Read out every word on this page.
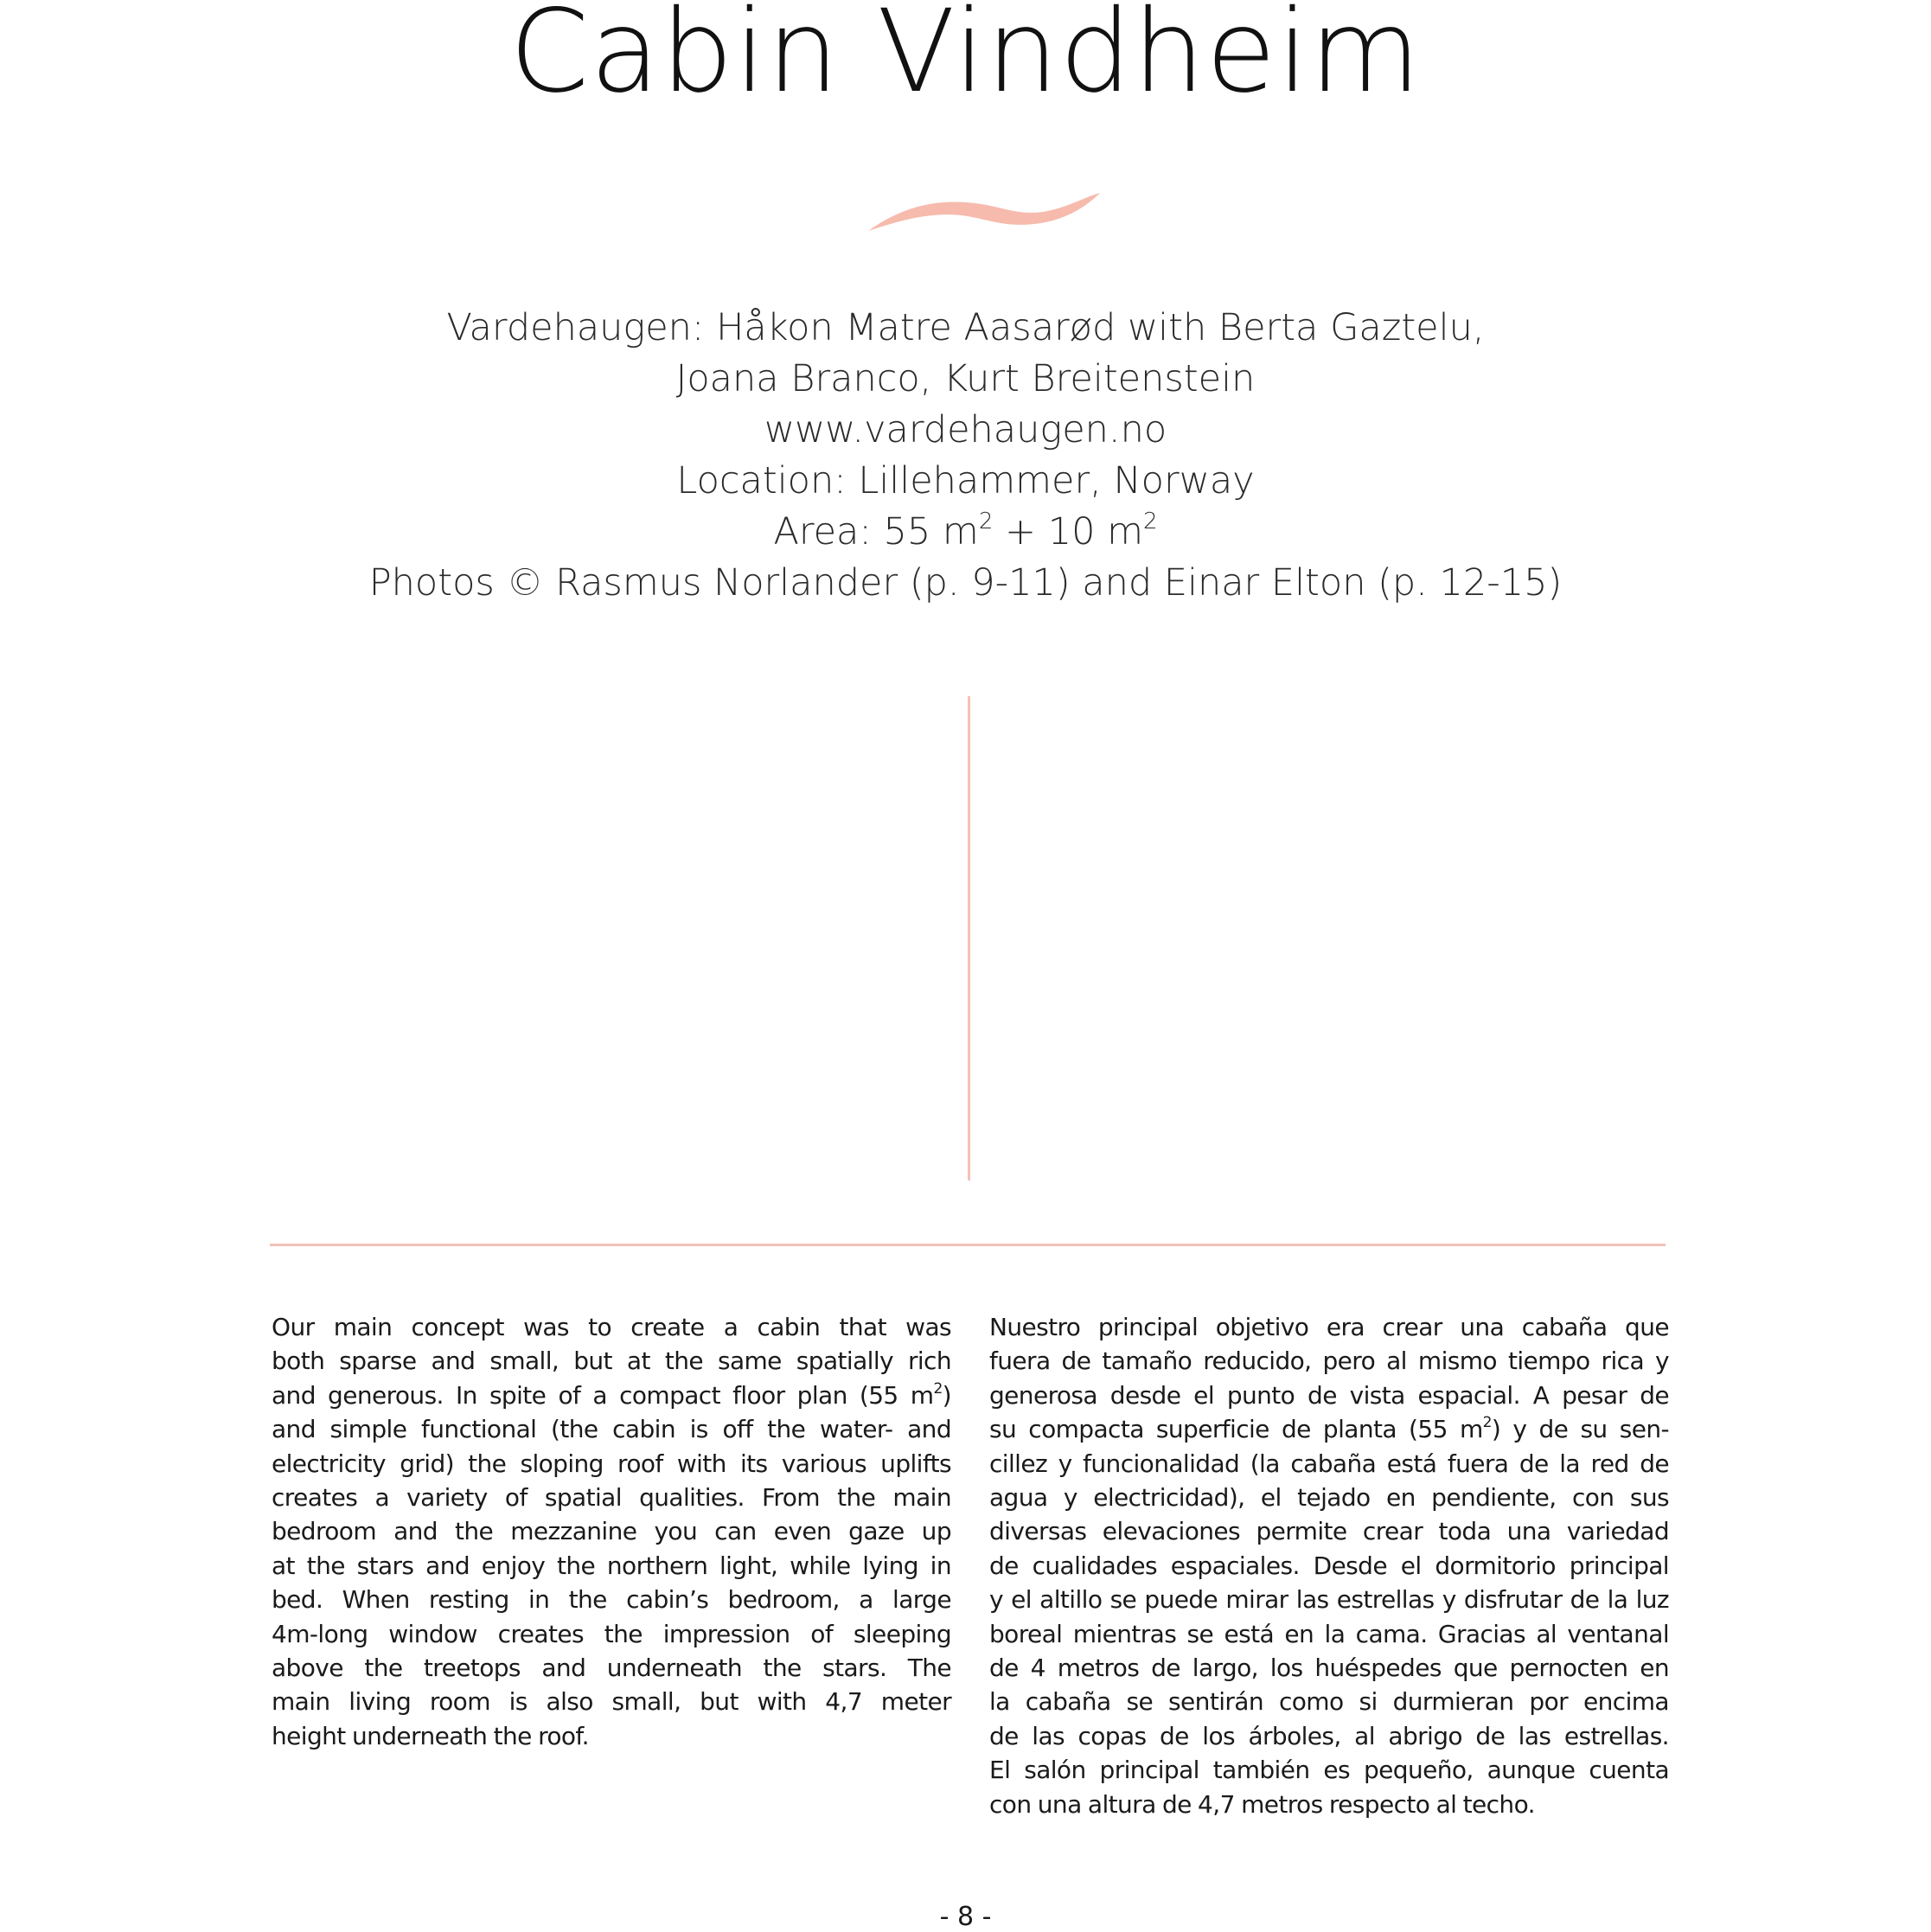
Cabin Vindheim
Vardehaugen: Håkon Matre Aasarød with Berta Gaztelu,
Joana Branco, Kurt Breitenstein
www.vardehaugen.no
Location: Lillehammer, Norway
Area: 55 $m^2 + 10$ $m^2$
Photos © Rasmus Norlander (p. 9-11) and Einar Elton (p. 12-15)
Our main concept was to create a cabin that was
both sparse and small, but at the same spatially rich
and generous. In spite of a compact floor plan (55 $m^2$)
and simple functional (the cabin is off the water- and
electricity grid) the sloping roof with its various uplifts
creates a variety of spatial qualities. From the main
bedroom and the mezzanine you can even gaze up
at the stars and enjoy the northern light, while lying in
bed. When resting in the cabin’s bedroom, a large
4m-long window creates the impression of sleeping
above the treetops and underneath the stars. The
main living room is also small, but with 4,7 meter
height underneath the roof.
Nuestro principal objetivo era crear una cabaña que
fuera de tamaño reducido, pero al mismo tiempo rica y
generosa desde el punto de vista espacial. A pesar de
su compacta superficie de planta (55 $m^2$) y de su sen-
cillez y funcionalidad (la cabaña está fuera de la red de
agua y electricidad), el tejado en pendiente, con sus
diversas elevaciones permite crear toda una variedad
de cualidades espaciales. Desde el dormitorio principal
y el altillo se puede mirar las estrellas y disfrutar de la luz
boreal mientras se está en la cama. Gracias al ventanal
de 4 metros de largo, los huéspedes que pernocten en
la cabaña se sentirán como si durmieran por encima
de las copas de los árboles, al abrigo de las estrellas.
El salón principal también es pequeño, aunque cuenta
con una altura de 4,7 metros respecto al techo.
- 8 -
